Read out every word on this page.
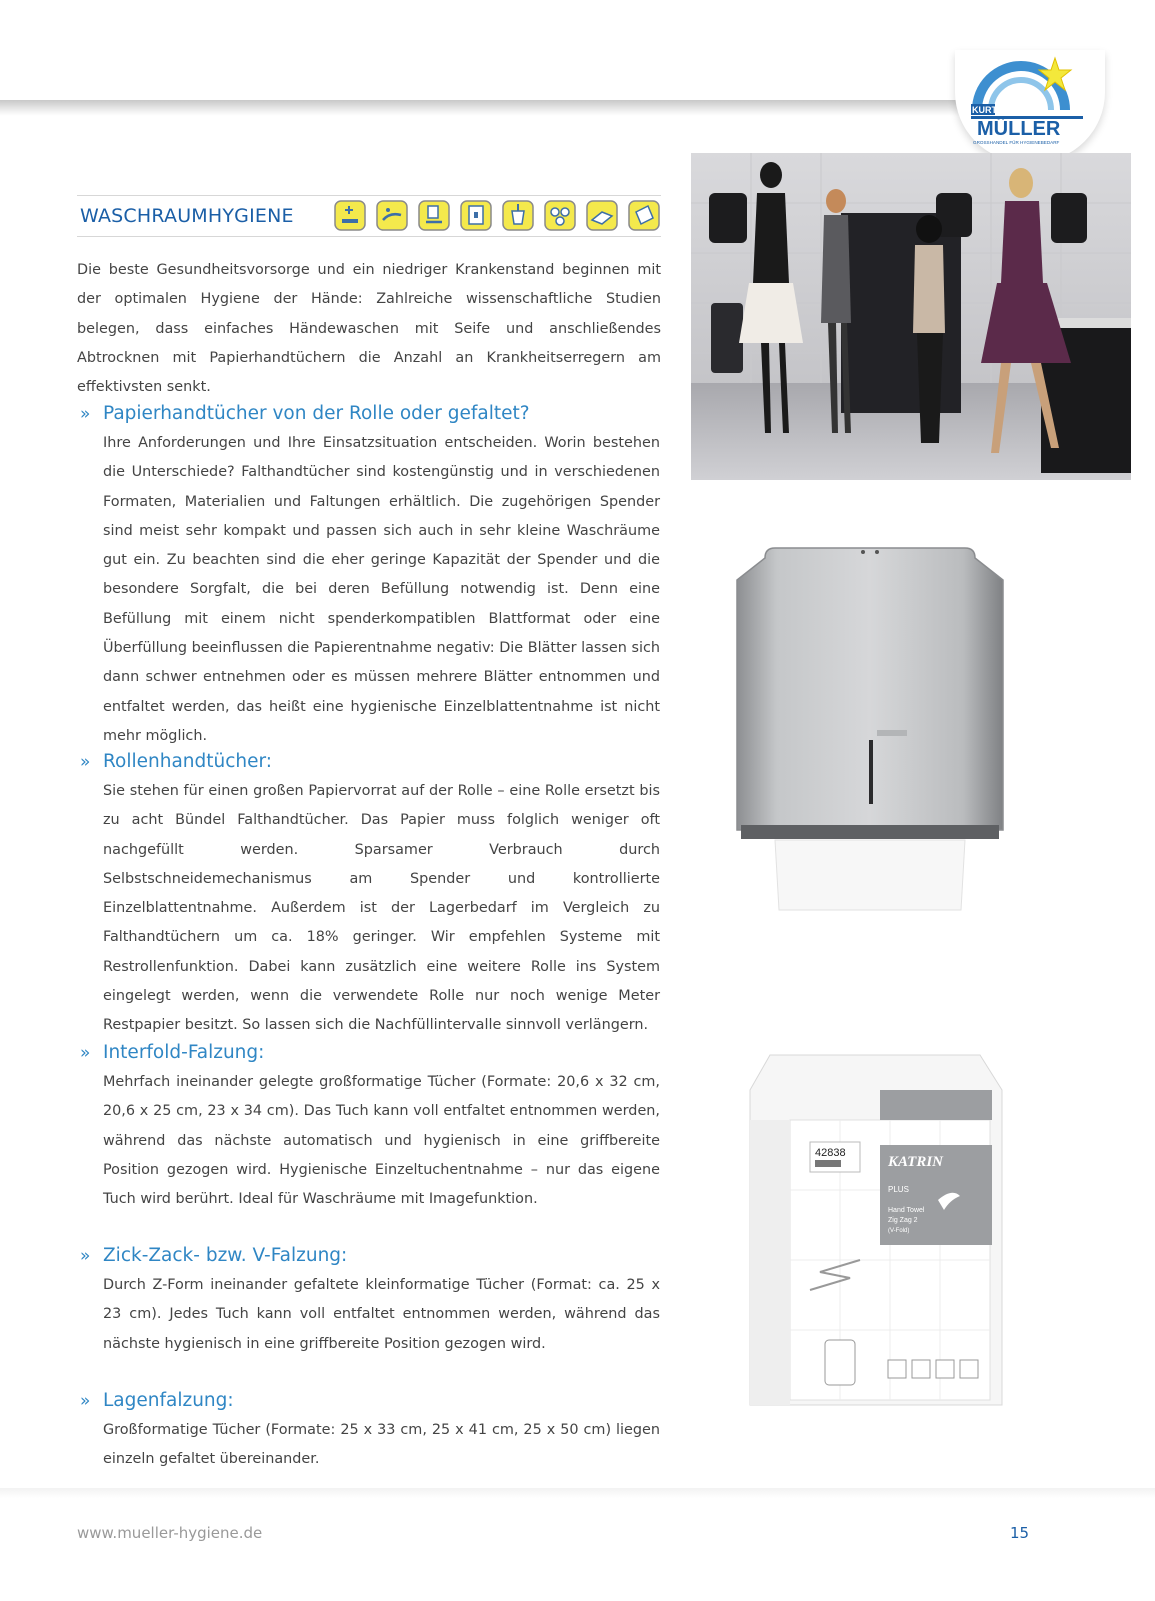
KURT
MÜLLER
GROSSHANDEL FÜR HYGIENEBEDARF
WASCHRAUMHYGIENE
Die beste Gesundheitsvorsorge und ein niedriger Krankenstand beginnen mit der optimalen Hygiene der Hände: Zahlreiche wissenschaftliche Studien belegen, dass einfaches Händewaschen mit Seife und anschließendes Abtrocknen mit Papierhandtüchern die Anzahl an Krankheitserregern am effektivsten senkt.
» Papierhandtücher von der Rolle oder gefaltet?
Ihre Anforderungen und Ihre Einsatzsituation entscheiden. Worin bestehen die Unterschiede? Falthandtücher sind kostengünstig und in verschiedenen Formaten, Materialien und Faltungen erhältlich. Die zugehörigen Spender sind meist sehr kompakt und passen sich auch in sehr kleine Waschräume gut ein. Zu beachten sind die eher geringe Kapazität der Spender und die besondere Sorgfalt, die bei deren Befüllung notwendig ist. Denn eine Befüllung mit einem nicht spenderkompatiblen Blattformat oder eine Überfüllung beeinflussen die Papierentnahme negativ: Die Blätter lassen sich dann schwer entnehmen oder es müssen mehrere Blätter entnommen und entfaltet werden, das heißt eine hygienische Einzelblattentnahme ist nicht mehr möglich.
» Rollenhandtücher:
Sie stehen für einen großen Papiervorrat auf der Rolle – eine Rolle ersetzt bis zu acht Bündel Falthandtücher. Das Papier muss folglich weniger oft nachgefüllt werden. Sparsamer Verbrauch durch Selbstschneidemechanismus am Spender und kontrollierte Einzelblattentnahme. Außerdem ist der Lagerbedarf im Vergleich zu Falthandtüchern um ca. 18% geringer. Wir empfehlen Systeme mit Restrollenfunktion. Dabei kann zusätzlich eine weitere Rolle ins System eingelegt werden, wenn die verwendete Rolle nur noch wenige Meter Restpapier besitzt. So lassen sich die Nachfüllintervalle sinnvoll verlängern.
» Interfold-Falzung:
Mehrfach ineinander gelegte großformatige Tücher (Formate: 20,6 x 32 cm, 20,6 x 25 cm, 23 x 34 cm). Das Tuch kann voll entfaltet entnommen werden, während das nächste automatisch und hygienisch in eine griffbereite Position gezogen wird. Hygienische Einzeltuchentnahme – nur das eigene Tuch wird berührt. Ideal für Waschräume mit Imagefunktion.
» Zick-Zack- bzw. V-Falzung:
Durch Z-Form ineinander gefaltete kleinformatige Tücher (Format: ca. 25 x 23 cm). Jedes Tuch kann voll entfaltet entnommen werden, während das nächste hygienisch in eine griffbereite Position gezogen wird.
» Lagenfalzung:
Großformatige Tücher (Formate: 25 x 33 cm, 25 x 41 cm, 25 x 50 cm) liegen einzeln gefaltet übereinander.
42838
KATRIN
PLUS
Hand Towel
Zig Zag 2
(V-Fold)
www.mueller-hygiene.de	15
